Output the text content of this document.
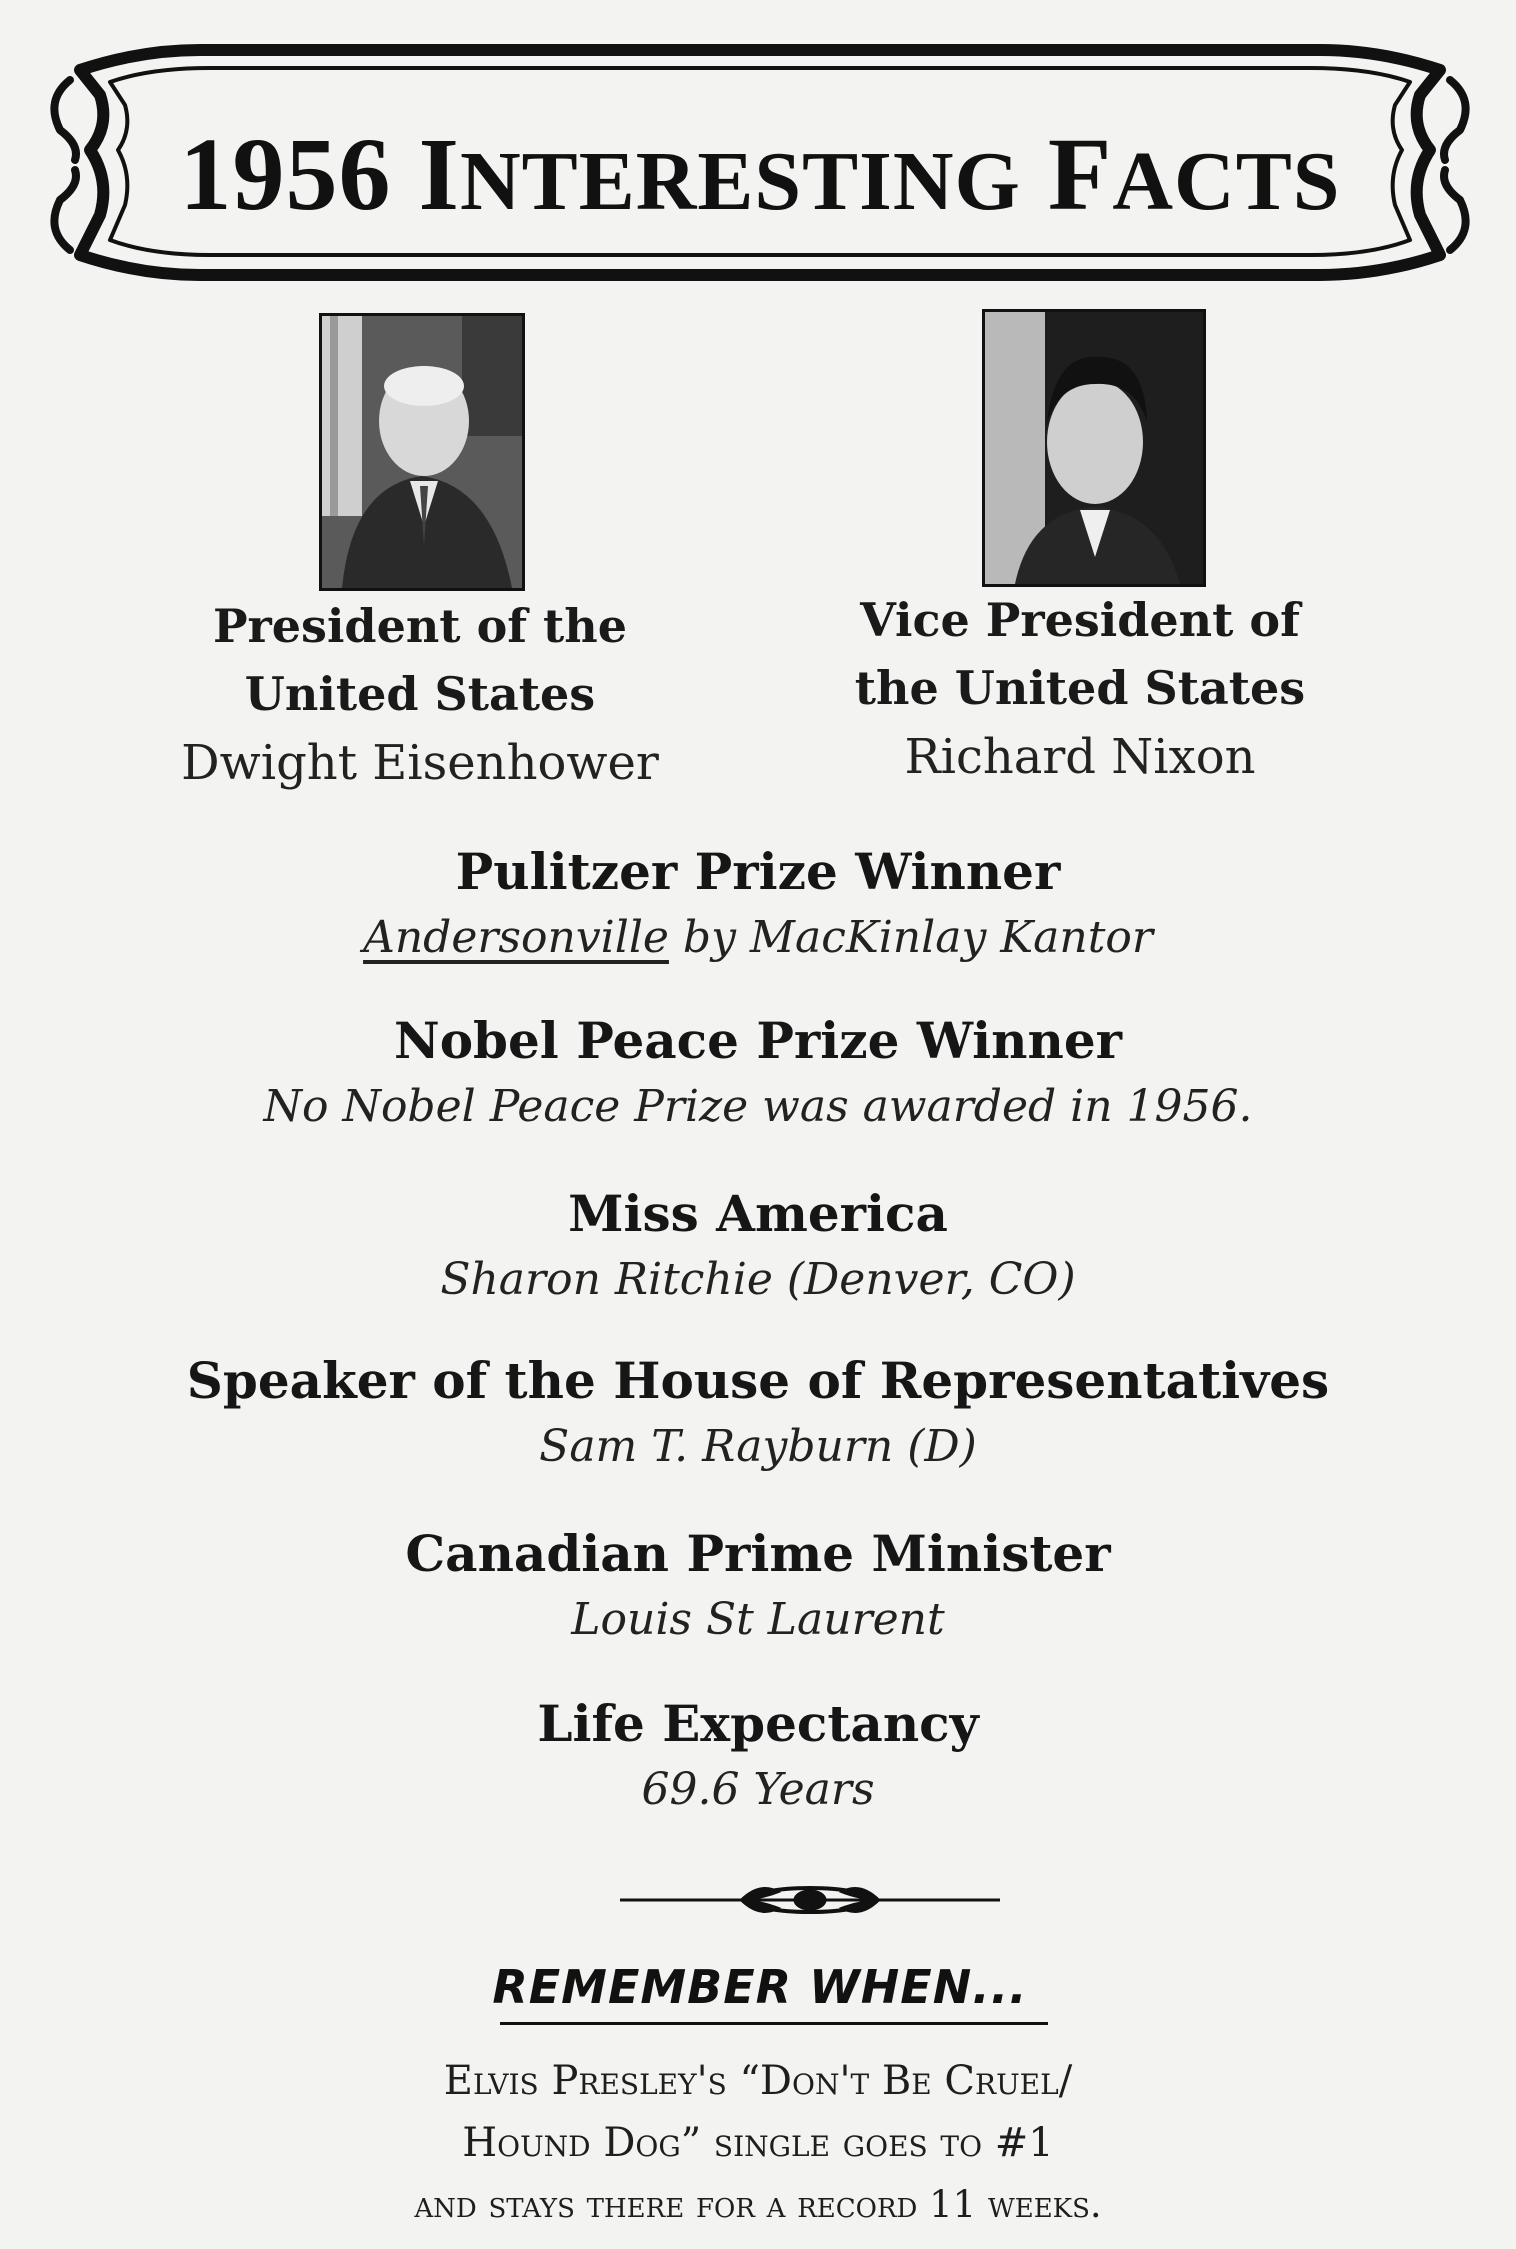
1956 INTERESTING FACTS
President of the
United States
Dwight Eisenhower
Vice President of
the United States
Richard Nixon
Pulitzer Prize Winner
Andersonville by MacKinlay Kantor
Nobel Peace Prize Winner
No Nobel Peace Prize was awarded in 1956.
Miss America
Sharon Ritchie (Denver, CO)
Speaker of the House of Representatives
Sam T. Rayburn (D)
Canadian Prime Minister
Louis St Laurent
Life Expectancy
69.6 Years
REMEMBER WHEN...
Elvis Presley's “Don't Be Cruel/
Hound Dog” single goes to #1
and stays there for a record 11 weeks.
